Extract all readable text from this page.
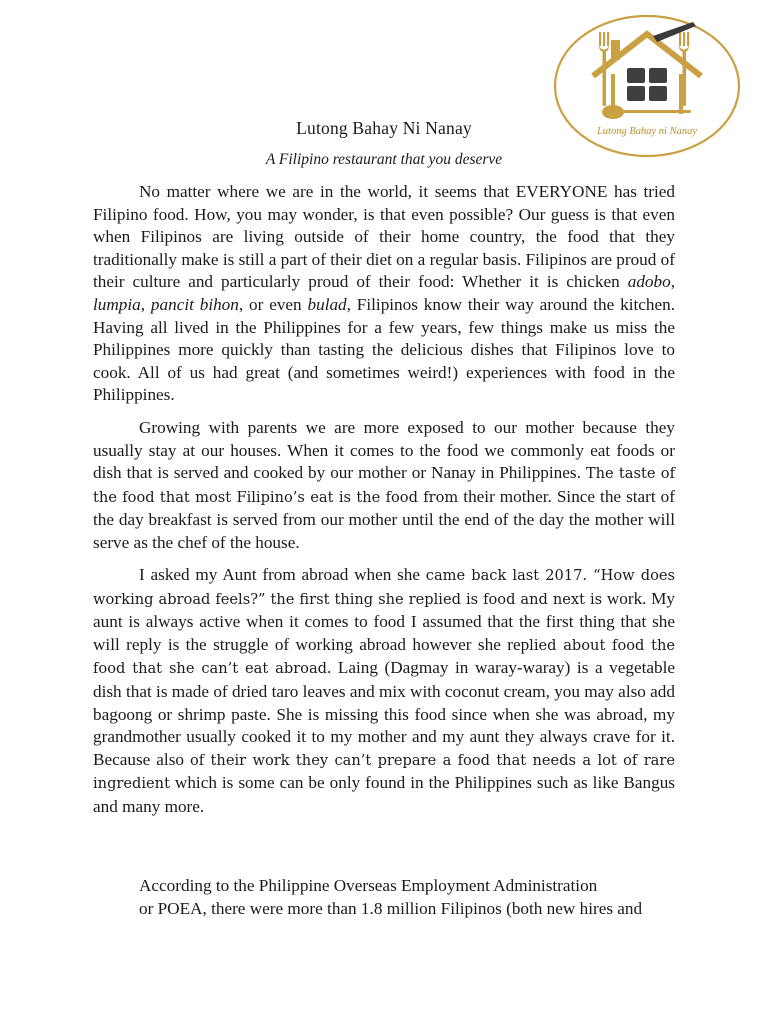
Lutong Bahay ni Nanay
Lutong Bahay Ni Nanay
A Filipino restaurant that you deserve

No matter where we are in the world, it seems that EVERYONE has tried Filipino food. How, you may wonder, is that even possible? Our guess is that even when Filipinos are living outside of their home country, the food that they traditionally make is still a part of their diet on a regular basis. Filipinos are proud of their culture and particularly proud of their food: Whether it is chicken adobo, lumpia, pancit bihon, or even bulad, Filipinos know their way around the kitchen. Having all lived in the Philippines for a few years, few things make us miss the Philippines more quickly than tasting the delicious dishes that Filipinos love to cook. All of us had great (and sometimes weird!) experiences with food in the Philippines.

Growing with parents we are more exposed to our mother because they usually stay at our houses. When it comes to the food we commonly eat foods or dish that is served and cooked by our mother or Nanay in Philippines. The taste of the food that most Filipino’s eat is the food from their mother. Since the start of the day breakfast is served from our mother until the end of the day the mother will serve as the chef of the house.

I asked my Aunt from abroad when she came back last 2017. “How does working abroad feels?” the first thing she replied is food and next is work. My aunt is always active when it comes to food I assumed that the first thing that she will reply is the struggle of working abroad however she replied about food the food that she can’t eat abroad. Laing (Dagmay in waray-waray) is a vegetable dish that is made of dried taro leaves and mix with coconut cream, you may also add bagoong or shrimp paste. She is missing this food since when she was abroad, my grandmother usually cooked it to my mother and my aunt they always crave for it. Because also of their work they can’t prepare a food that needs a lot of rare ingredient which is some can be only found in the Philippines such as like Bangus and many more.

According to the Philippine Overseas Employment Administration
or POEA, there were more than 1.8 million Filipinos (both new hires and
